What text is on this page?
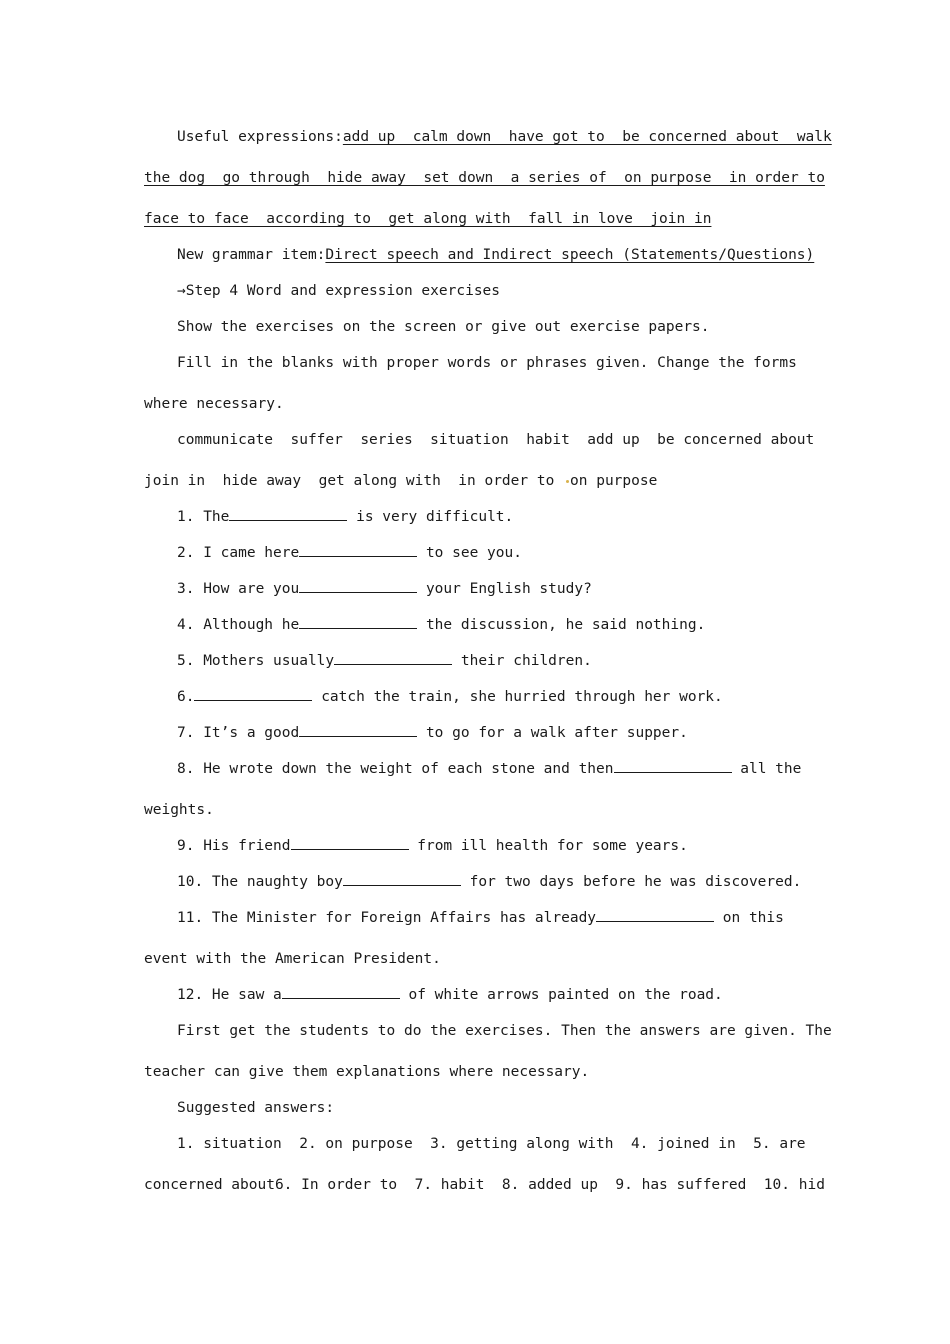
Useful expressions:add up  calm down  have got to  be concerned about  walk
the dog  go through  hide away  set down  a series of  on purpose  in order to
face to face  according to  get along with  fall in love  join in
New grammar item:Direct speech and Indirect speech (Statements/Questions)
→Step 4 Word and expression exercises
Show the exercises on the screen or give out exercise papers.
Fill in the blanks with proper words or phrases given. Change the forms
where necessary.
communicate  suffer  series  situation  habit  add up  be concerned about
join in  hide away  get along with  in order to on purpose
1. The	is very difficult.
2. I came here	to see you.
3. How are you	your English study?
4. Although he	the discussion, he said nothing.
5. Mothers usually	their children.
6.	catch the train, she hurried through her work.
7. It’s a good	to go for a walk after supper.
8. He wrote down the weight of each stone and then	all the
weights.
9. His friend	from ill health for some years.
10. The naughty boy	for two days before he was discovered.
11. The Minister for Foreign Affairs has already	on this
event with the American President.
12. He saw a	of white arrows painted on the road.
First get the students to do the exercises. Then the answers are given. The
teacher can give them explanations where necessary.
Suggested answers:
1. situation  2. on purpose  3. getting along with  4. joined in  5. are
concerned about6. In order to  7. habit  8. added up  9. has suffered  10. hid
